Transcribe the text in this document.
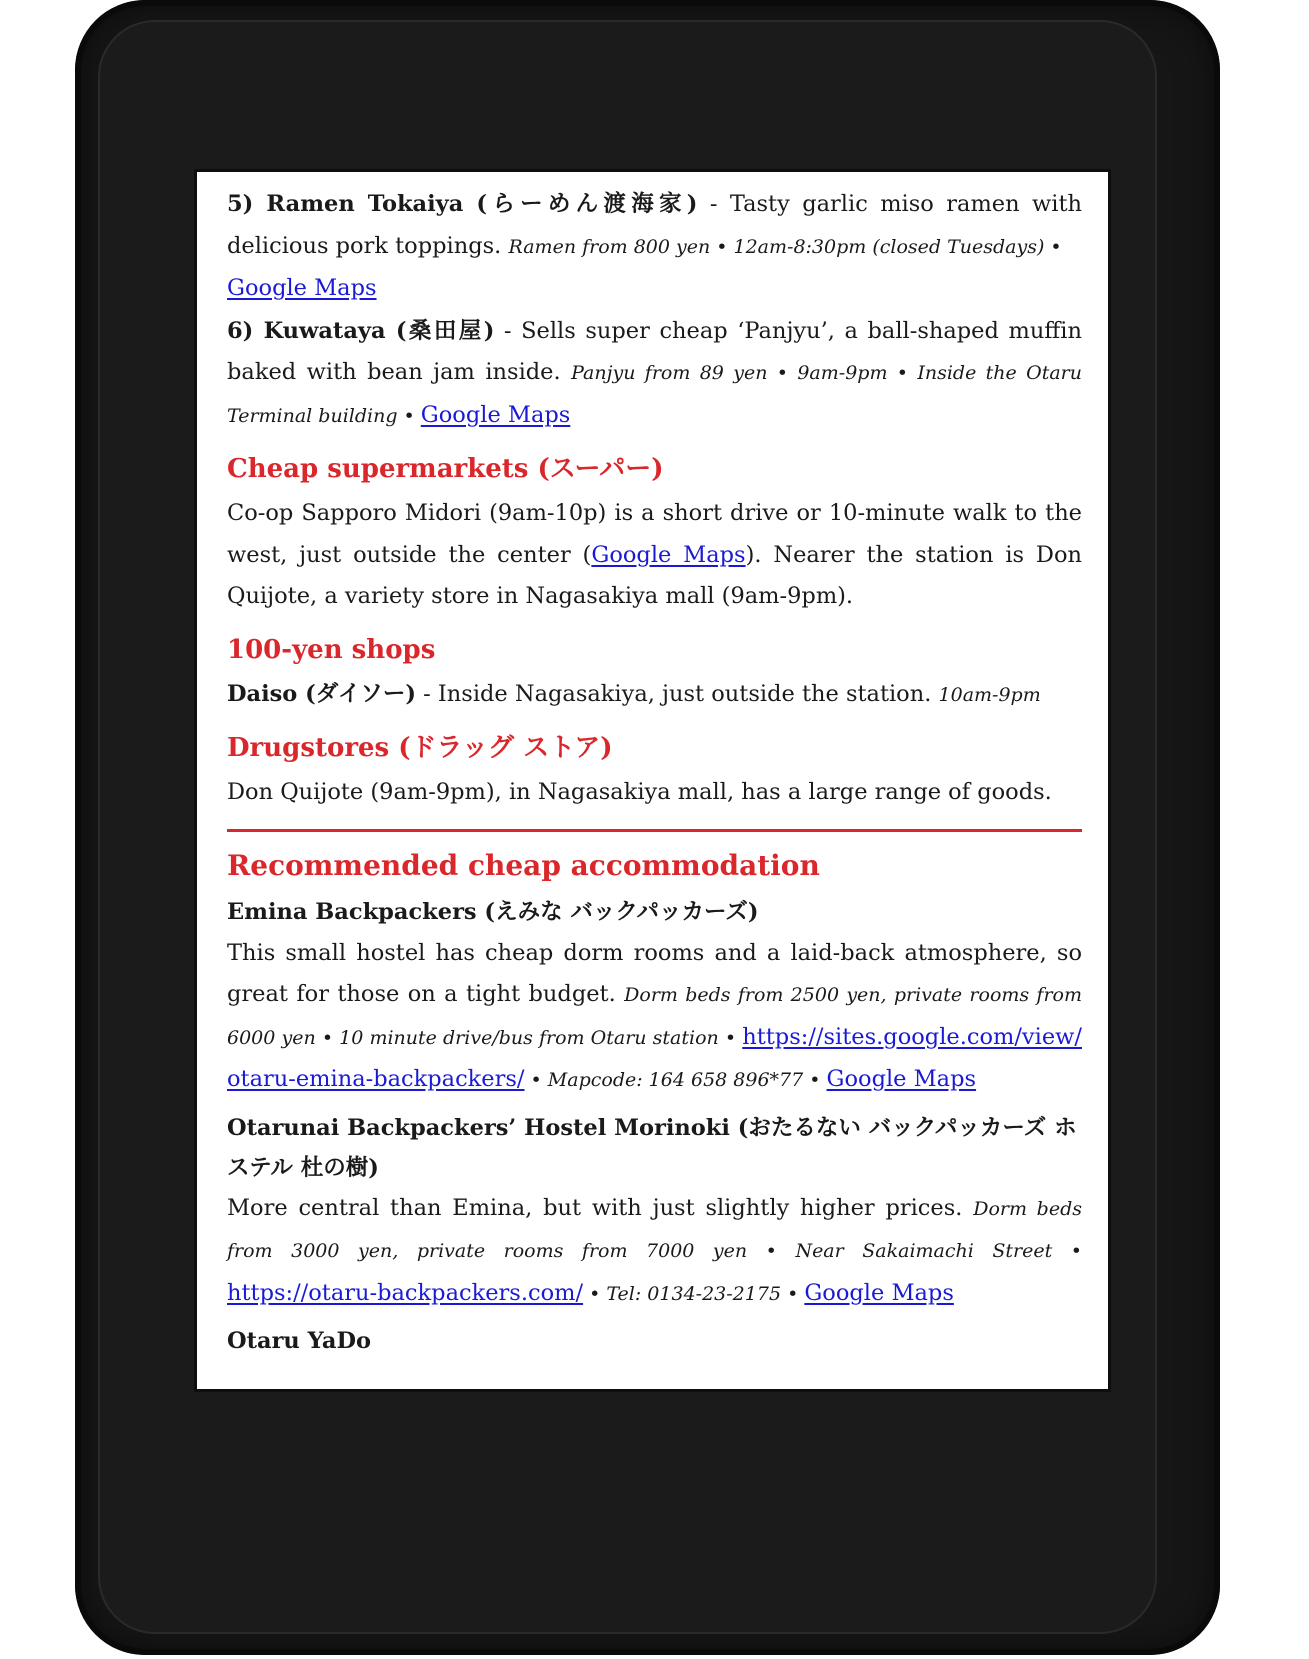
5) Ramen Tokaiya (らーめん渡海家) - Tasty garlic miso ramen with delicious pork toppings. Ramen from 800 yen • 12am-8:30pm (closed Tuesdays) •
Google Maps

6) Kuwataya (桑田屋) - Sells super cheap ‘Panjyu’, a ball-shaped muffin baked with bean jam inside. Panjyu from 89 yen • 9am-9pm • Inside the Otaru Terminal building • Google Maps

Cheap supermarkets (スーパー)

Co-op Sapporo Midori (9am-10p) is a short drive or 10-minute walk to the west, just outside the center (Google Maps). Nearer the station is Don Quijote, a variety store in Nagasakiya mall (9am-9pm).

100-yen shops

Daiso (ダイソー) - Inside Nagasakiya, just outside the station. 10am-9pm

Drugstores (ドラッグ ストア)

Don Quijote (9am-9pm), in Nagasakiya mall, has a large range of goods.

Recommended cheap accommodation
Emina Backpackers (えみな バックパッカーズ)

This small hostel has cheap dorm rooms and a laid-back atmosphere, so great for those on a tight budget. Dorm beds from 2500 yen, private rooms from 6000 yen • 10 minute drive/bus from Otaru station • https://sites.google.com/view/otaru-emina-backpackers/ • Mapcode: 164 658 896*77 • Google Maps

Otarunai Backpackers’ Hostel Morinoki (おたるない バックパッカーズ ホステル 杜の樹)

More central than Emina, but with just slightly higher prices. Dorm beds from 3000 yen, private rooms from 7000 yen • Near Sakaimachi Street • https://otaru-backpackers.com/ • Tel: 0134-23-2175 • Google Maps

Otaru YaDo
